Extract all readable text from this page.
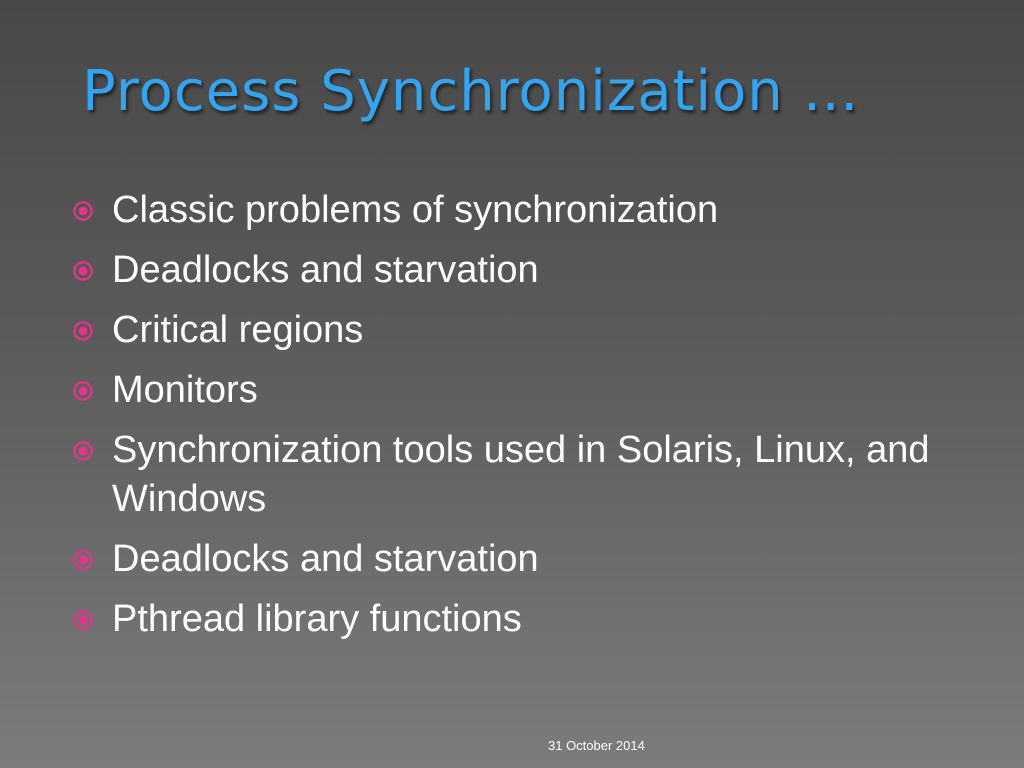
Process Synchronization …
Classic problems of synchronization
Deadlocks and starvation
Critical regions
Monitors
Synchronization tools used in Solaris, Linux, and Windows
Deadlocks and starvation
Pthread library functions
31 October 2014
